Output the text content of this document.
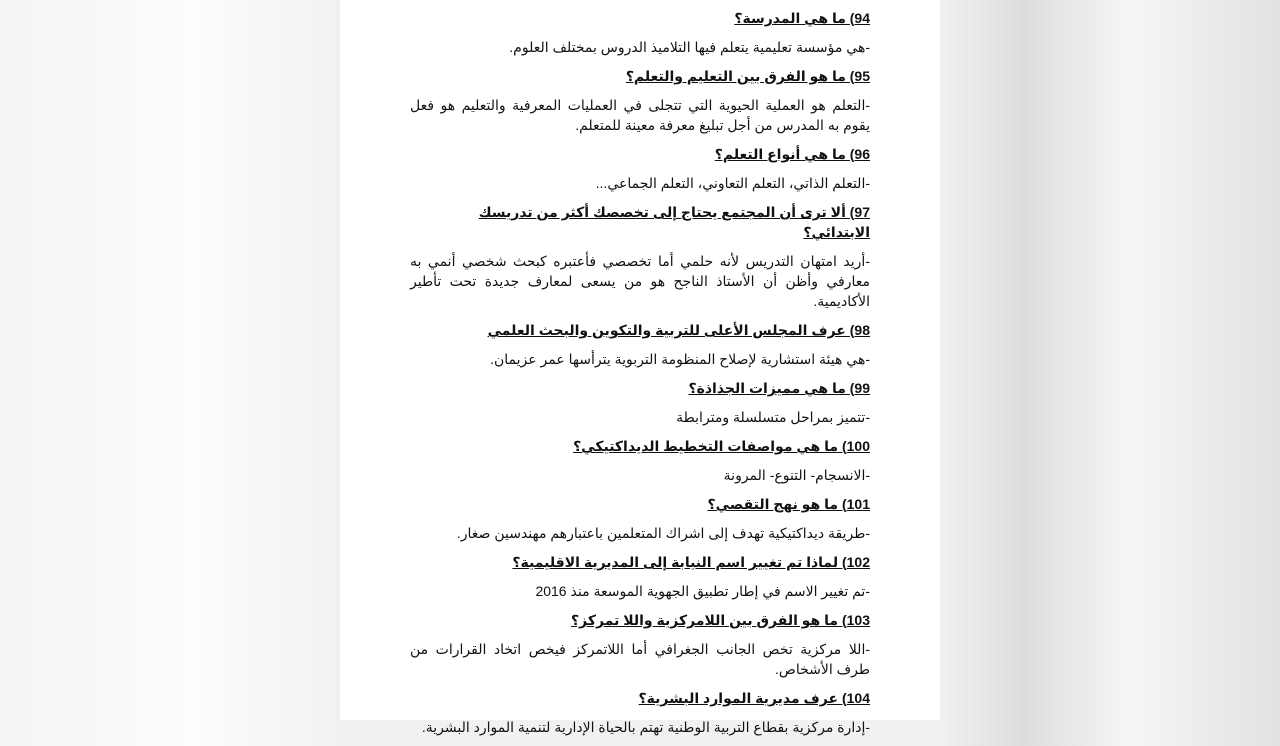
94) ما هي المدرسة؟
-هي مؤسسة تعليمية يتعلم فيها التلاميذ الدروس بمختلف العلوم.
95) ما هو الفرق بين التعليم والتعلم؟
-التعلم هو العملية الحيوية التي تتجلى في العمليات المعرفية والتعليم هو فعل يقوم به المدرس من أجل تبليغ معرفة معينة للمتعلم.
96) ما هي أنواع التعلم؟
-التعلم الذاتي، التعلم التعاوني، التعلم الجماعي...
97) ألا ترى أن المجتمع يحتاج إلى تخصصك أكثر من تدريسك الابتدائي؟
-أريد امتهان التدريس لأنه حلمي أما تخصصي فأعتبره كبحث شخصي أنمي به معارفي وأظن أن الأستاذ الناجح هو من يسعى لمعارف جديدة تحت تأطير الأكاديمية.
98) عرف المجلس الأعلى للتربية والتكوين والبحث العلمي
-هي هيئة استشارية لإصلاح المنظومة التربوية يترأسها عمر عزيمان.
99) ما هي مميزات الجذاذة؟
-تتميز بمراحل متسلسلة ومترابطة
100) ما هي مواصفات التخطيط الديداكتيكي؟
-الانسجام- التنوع- المرونة
101) ما هو نهج التقصي؟
-طريقة ديداكتيكية تهدف إلى اشراك المتعلمين باعتبارهم مهندسين صغار.
102) لماذا تم تغيير اسم النيابة إلى المديرية الاقليمية؟
-تم تغيير الاسم في إطار تطبيق الجهوية الموسعة منذ 2016
103) ما هو الفرق بين اللامركزية واللا تمركز؟
-اللا مركزية تخص الجانب الجغرافي أما اللاتمركز فيخص اتخاد القرارات من طرف الأشخاص.
104) عرف مديرية الموارد البشرية؟
-إدارة مركزية بقطاع التربية الوطنية تهتم بالحياة الإدارية لتنمية الموارد البشرية.
